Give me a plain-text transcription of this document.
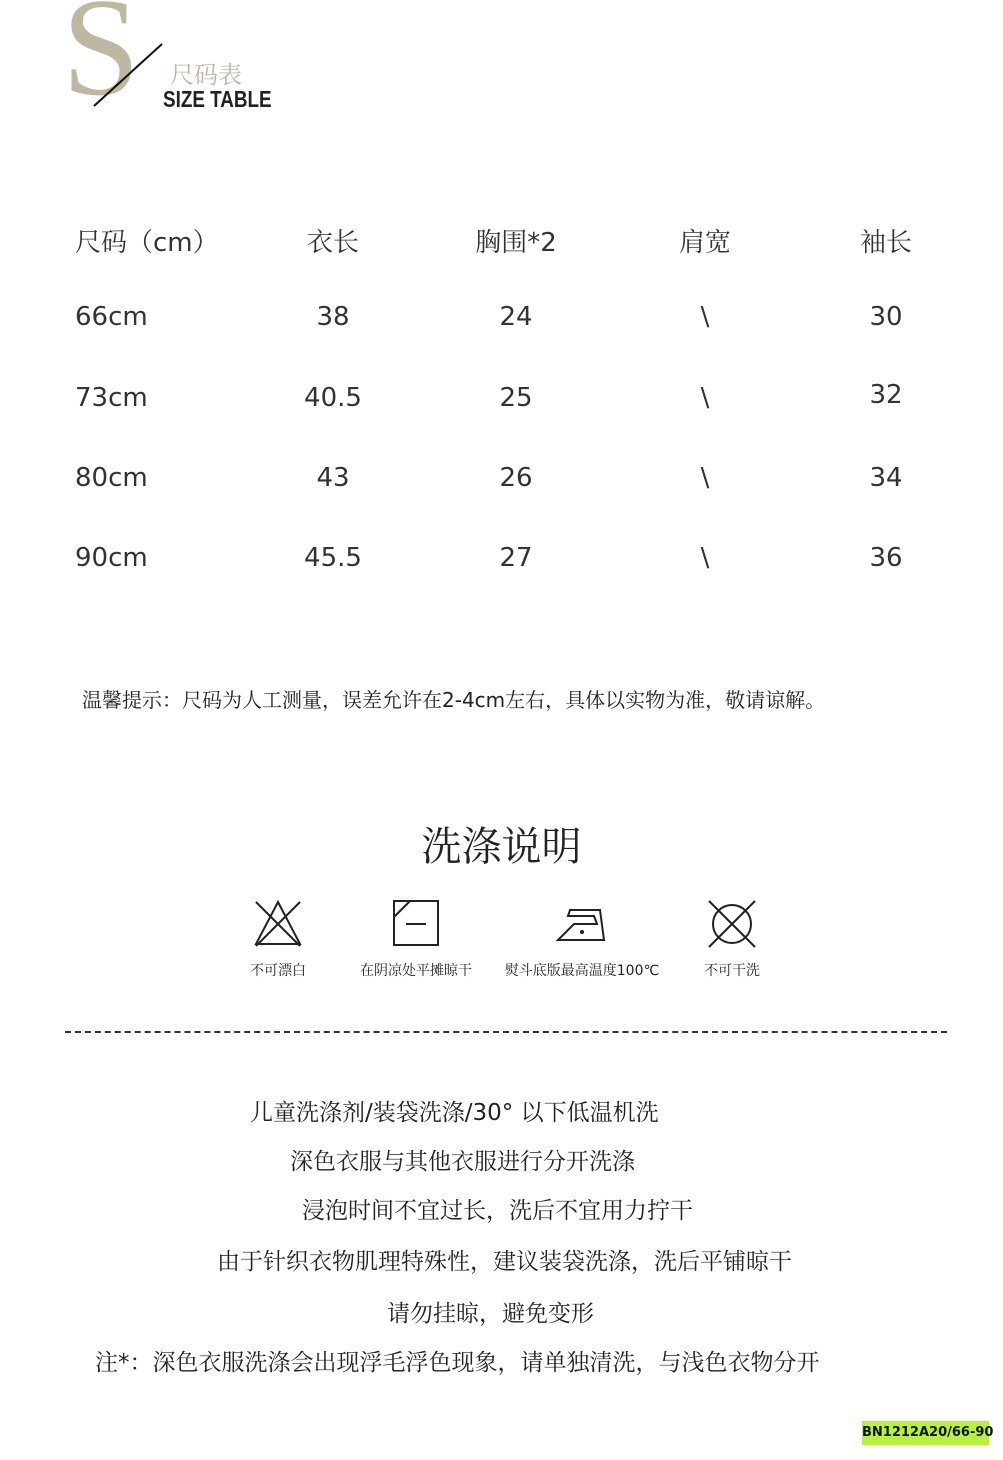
S 尺码表
SIZE TABLE
尺码（cm）	衣长	胸围*2	肩宽	袖长
66cm	38	24	\	30
73cm	40.5	25	\	32
80cm	43	26	\	34
90cm	45.5	27	\	36
温馨提示：尺码为人工测量，误差允许在2-4cm左右，具体以实物为准，敬请谅解。
洗涤说明
不可漂白	在阴凉处平摊晾干 熨斗底版最高温度100℃	不可干洗
儿童洗涤剂/装袋洗涤/30° 以下低温机洗
深色衣服与其他衣服进行分开洗涤
浸泡时间不宜过长，洗后不宜用力拧干
由于针织衣物肌理特殊性，建议装袋洗涤，洗后平铺晾干
请勿挂晾，避免变形
注*：深色衣服洗涤会出现浮毛浮色现象，请单独清洗，与浅色衣物分开
BN1212A20/66-90
